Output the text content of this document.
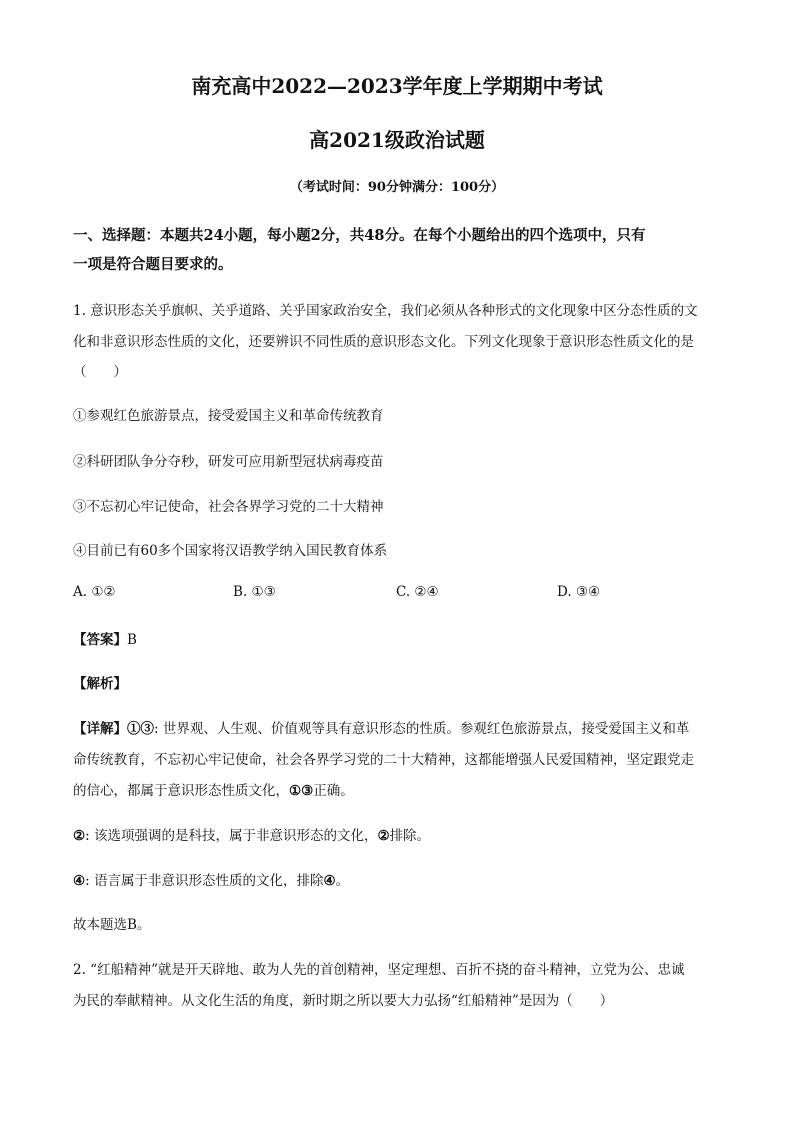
南充高中2022—2023学年度上学期期中考试
高2021级政治试题
（考试时间：90分钟满分：100分）
一、选择题：本题共24小题，每小题2分，共48分。在每个小题给出的四个选项中，只有
一项是符合题目要求的。
1. 意识形态关乎旗帜、关乎道路、关乎国家政治安全，我们必须从各种形式的文化现象中区分态性质的文
化和非意识形态性质的文化，还要辨识不同性质的意识形态文化。下列文化现象于意识形态性质文化的是
（　　）
①参观红色旅游景点，接受爱国主义和革命传统教育
②科研团队争分夺秒，研发可应用新型冠状病毒疫苗
③不忘初心牢记使命，社会各界学习党的二十大精神
④目前已有60多个国家将汉语教学纳入国民教育体系
A. ①②	B. ①③	C. ②④	D. ③④
【答案】B
【解析】
【详解】①③: 世界观、人生观、价值观等具有意识形态的性质。参观红色旅游景点，接受爱国主义和革
命传统教育，不忘初心牢记使命，社会各界学习党的二十大精神，这都能增强人民爱国精神，坚定跟党走
的信心，都属于意识形态性质文化，①③正确。
②: 该选项强调的是科技，属于非意识形态的文化，②排除。
④: 语言属于非意识形态性质的文化，排除④。
故本题选B。
2. “红船精神”就是开天辟地、敢为人先的首创精神，坚定理想、百折不挠的奋斗精神，立党为公、忠诚
为民的奉献精神。从文化生活的角度，新时期之所以要大力弘扬“红船精神”是因为（　　）
